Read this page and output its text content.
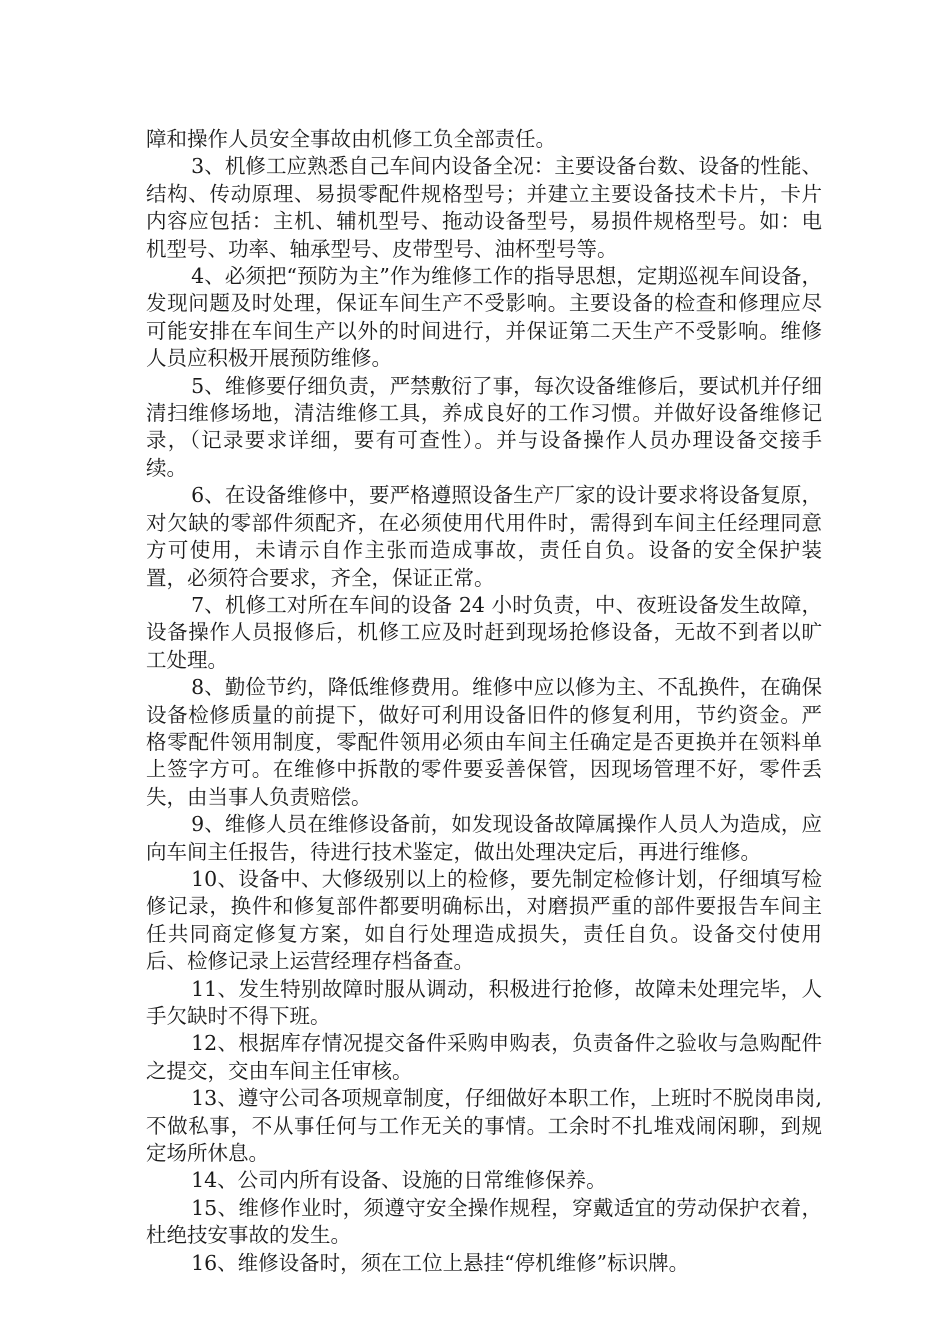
障和操作人员安全事故由机修工负全部责任。

3、机修工应熟悉自己车间内设备全况：主要设备台数、设备的性能、结构、传动原理、易损零配件规格型号；并建立主要设备技术卡片，卡片内容应包括：主机、辅机型号、拖动设备型号，易损件规格型号。如：电机型号、功率、轴承型号、皮带型号、油杯型号等。

4、必须把“预防为主”作为维修工作的指导思想，定期巡视车间设备，发现问题及时处理，保证车间生产不受影响。主要设备的检查和修理应尽可能安排在车间生产以外的时间进行，并保证第二天生产不受影响。维修人员应积极开展预防维修。

5、维修要仔细负责，严禁敷衍了事，每次设备维修后，要试机并仔细清扫维修场地，清洁维修工具，养成良好的工作习惯。并做好设备维修记录，（记录要求详细，要有可查性）。并与设备操作人员办理设备交接手续。

6、在设备维修中，要严格遵照设备生产厂家的设计要求将设备复原，对欠缺的零部件须配齐，在必须使用代用件时，需得到车间主任经理同意方可使用，未请示自作主张而造成事故，责任自负。设备的安全保护装置，必须符合要求，齐全，保证正常。

7、机修工对所在车间的设备 24 小时负责，中、夜班设备发生故障，设备操作人员报修后，机修工应及时赶到现场抢修设备，无故不到者以旷工处理。

8、勤俭节约，降低维修费用。维修中应以修为主、不乱换件，在确保设备检修质量的前提下，做好可利用设备旧件的修复利用，节约资金。严格零配件领用制度，零配件领用必须由车间主任确定是否更换并在领料单上签字方可。在维修中拆散的零件要妥善保管，因现场管理不好，零件丢失，由当事人负责赔偿。

9、维修人员在维修设备前，如发现设备故障属操作人员人为造成，应向车间主任报告，待进行技术鉴定，做出处理决定后，再进行维修。

10、设备中、大修级别以上的检修，要先制定检修计划，仔细填写检修记录，换件和修复部件都要明确标出，对磨损严重的部件要报告车间主任共同商定修复方案，如自行处理造成损失，责任自负。设备交付使用后、检修记录上运营经理存档备查。

11、发生特别故障时服从调动，积极进行抢修，故障未处理完毕，人手欠缺时不得下班。

12、根据库存情况提交备件采购申购表，负责备件之验收与急购配件之提交，交由车间主任审核。

13、遵守公司各项规章制度，仔细做好本职工作，上班时不脱岗串岗,不做私事，不从事任何与工作无关的事情。工余时不扎堆戏闹闲聊，到规定场所休息。

14、公司内所有设备、设施的日常维修保养。

15、维修作业时，须遵守安全操作规程，穿戴适宜的劳动保护衣着，杜绝技安事故的发生。

16、维修设备时，须在工位上悬挂“停机维修”标识牌。
